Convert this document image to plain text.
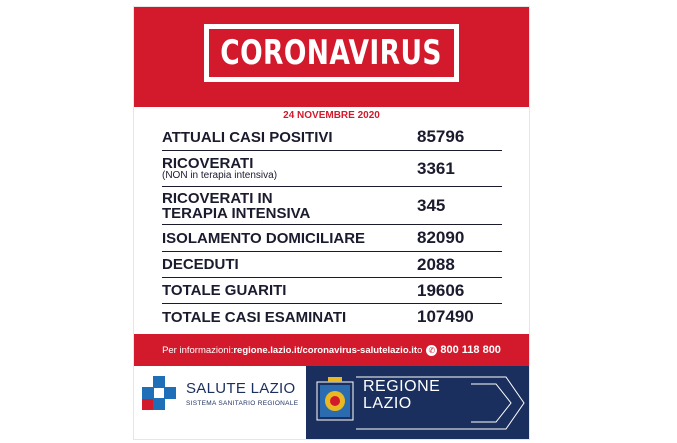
CORONAVIRUS
24 NOVEMBRE 2020
ATTUALI CASI POSITIVI	85796
RICOVERATI
(NON in terapia intensiva)	3361
RICOVERATI IN
TERAPIA INTENSIVA	345
ISOLAMENTO DOMICILIARE	82090
DECEDUTI	2088
TOTALE GUARITI	19606
TOTALE CASI ESAMINATI	107490
Per informazioni: regione.lazio.it/coronavirus - salutelazio.it o ✆ 800 118 800
SALUTE LAZIO
SISTEMA SANITARIO REGIONALE
REGIONE
LAZIO
